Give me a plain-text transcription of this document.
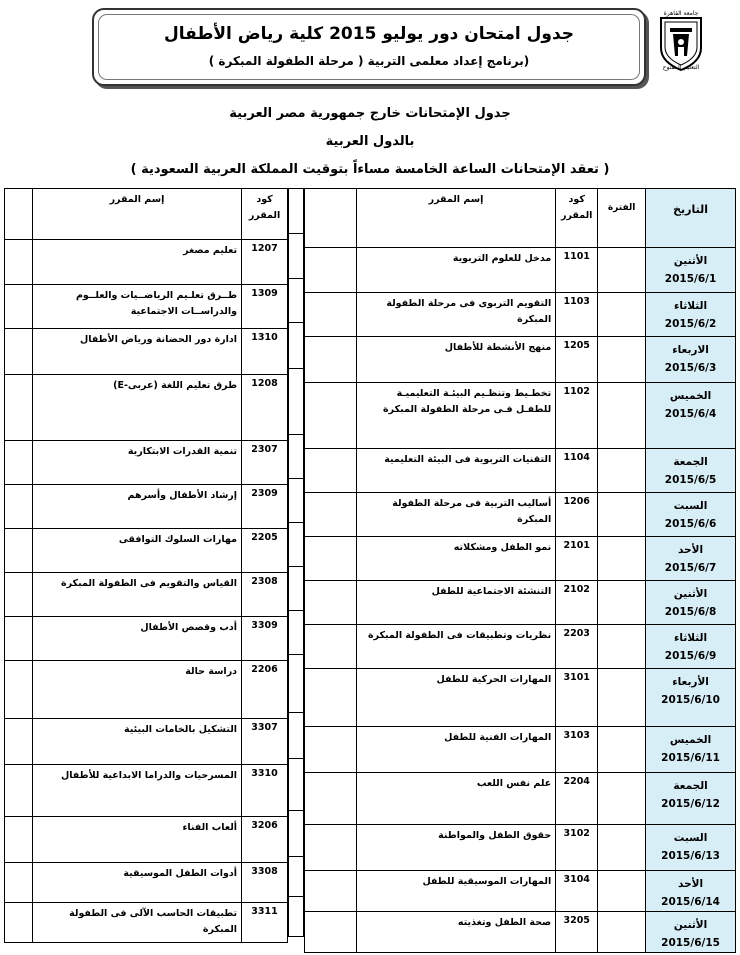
جدول امتحان دور يوليو 2015 كلية رياض الأطفال
(برنامج إعداد معلمى التربية ( مرحلة الطفولة المبكرة )
جامعة القاهرة
التعليم المفتوح
جدول الإمتحانات خارج جمهورية مصر العربية
بالدول العربية
( تعقد الإمتحانات الساعة الخامسة مساءاً بتوقيت المملكة العربية السعودية )
	إسم المقرر	كود
المقرر	الفترة	التاريخ
	مدخل للعلوم التربوية	1101		الأثنين
2015/6/1

	التقويم التربوى فى مرحلة الطفولة المبكرة	1103		الثلاثاء
2015/6/2

	منهج الأنشطة للأطفال	1205		الاربعاء
2015/6/3

	تخطـيط وتنظـيم البيئـة التعليميـة للطفـل فـى مرحلة الطفولة المبكرة	1102		الخميس
2015/6/4

	التقنيات التربوية فى البيئة التعليمية	1104		الجمعة
2015/6/5

	أساليب التربية فى مرحلة الطفولة المبكرة	1206		السبت
2015/6/6

	نمو الطفل ومشكلاته	2101		الأحد
2015/6/7

	التنشئة الاجتماعية للطفل	2102		الأثنين
2015/6/8

	نظريات وتطبيقات فى الطفولة المبكرة	2203		الثلاثاء
2015/6/9

	المهارات الحركية للطفل	3101		الأربعاء
2015/6/10

	المهارات الفنية للطفل	3103		الخميس
2015/6/11

	علم نفس اللعب	2204		الجمعة
2015/6/12

	حقوق الطفل والمواطنة	3102		السبت
2015/6/13

	المهارات الموسيقية للطفل	3104		الأحد
2015/6/14

	صحة الطفل وتغذيته	3205		الأثنين
2015/6/15
	إسم المقرر	كود
المقرر
	تعليم مصغر	1207
	طــرق تعلـيم الرياضــيات والعلــوم والدراســات الاجتماعية	1309
	ادارة دور الحضانة ورياض الأطفال	1310
	طرق تعليم اللغة (عربى-E)	1208
	تنمية القدرات الابتكارية	2307
	إرشاد الأطفال وأسرهم	2309
	مهارات السلوك التوافقى	2205
	القياس والتقويم فى الطفولة المبكرة	2308
	أدب وقصص الأطفال	3309
	دراسة حالة	2206
	التشكيل بالخامات البيئية	3307
	المسرحيات والدراما الابداعية للأطفال	3310
	ألعاب الفناء	3206
	أدوات الطفل الموسيقية	3308
	تطبيقات الحاسب الآلى فى الطفولة المبكرة	3311
